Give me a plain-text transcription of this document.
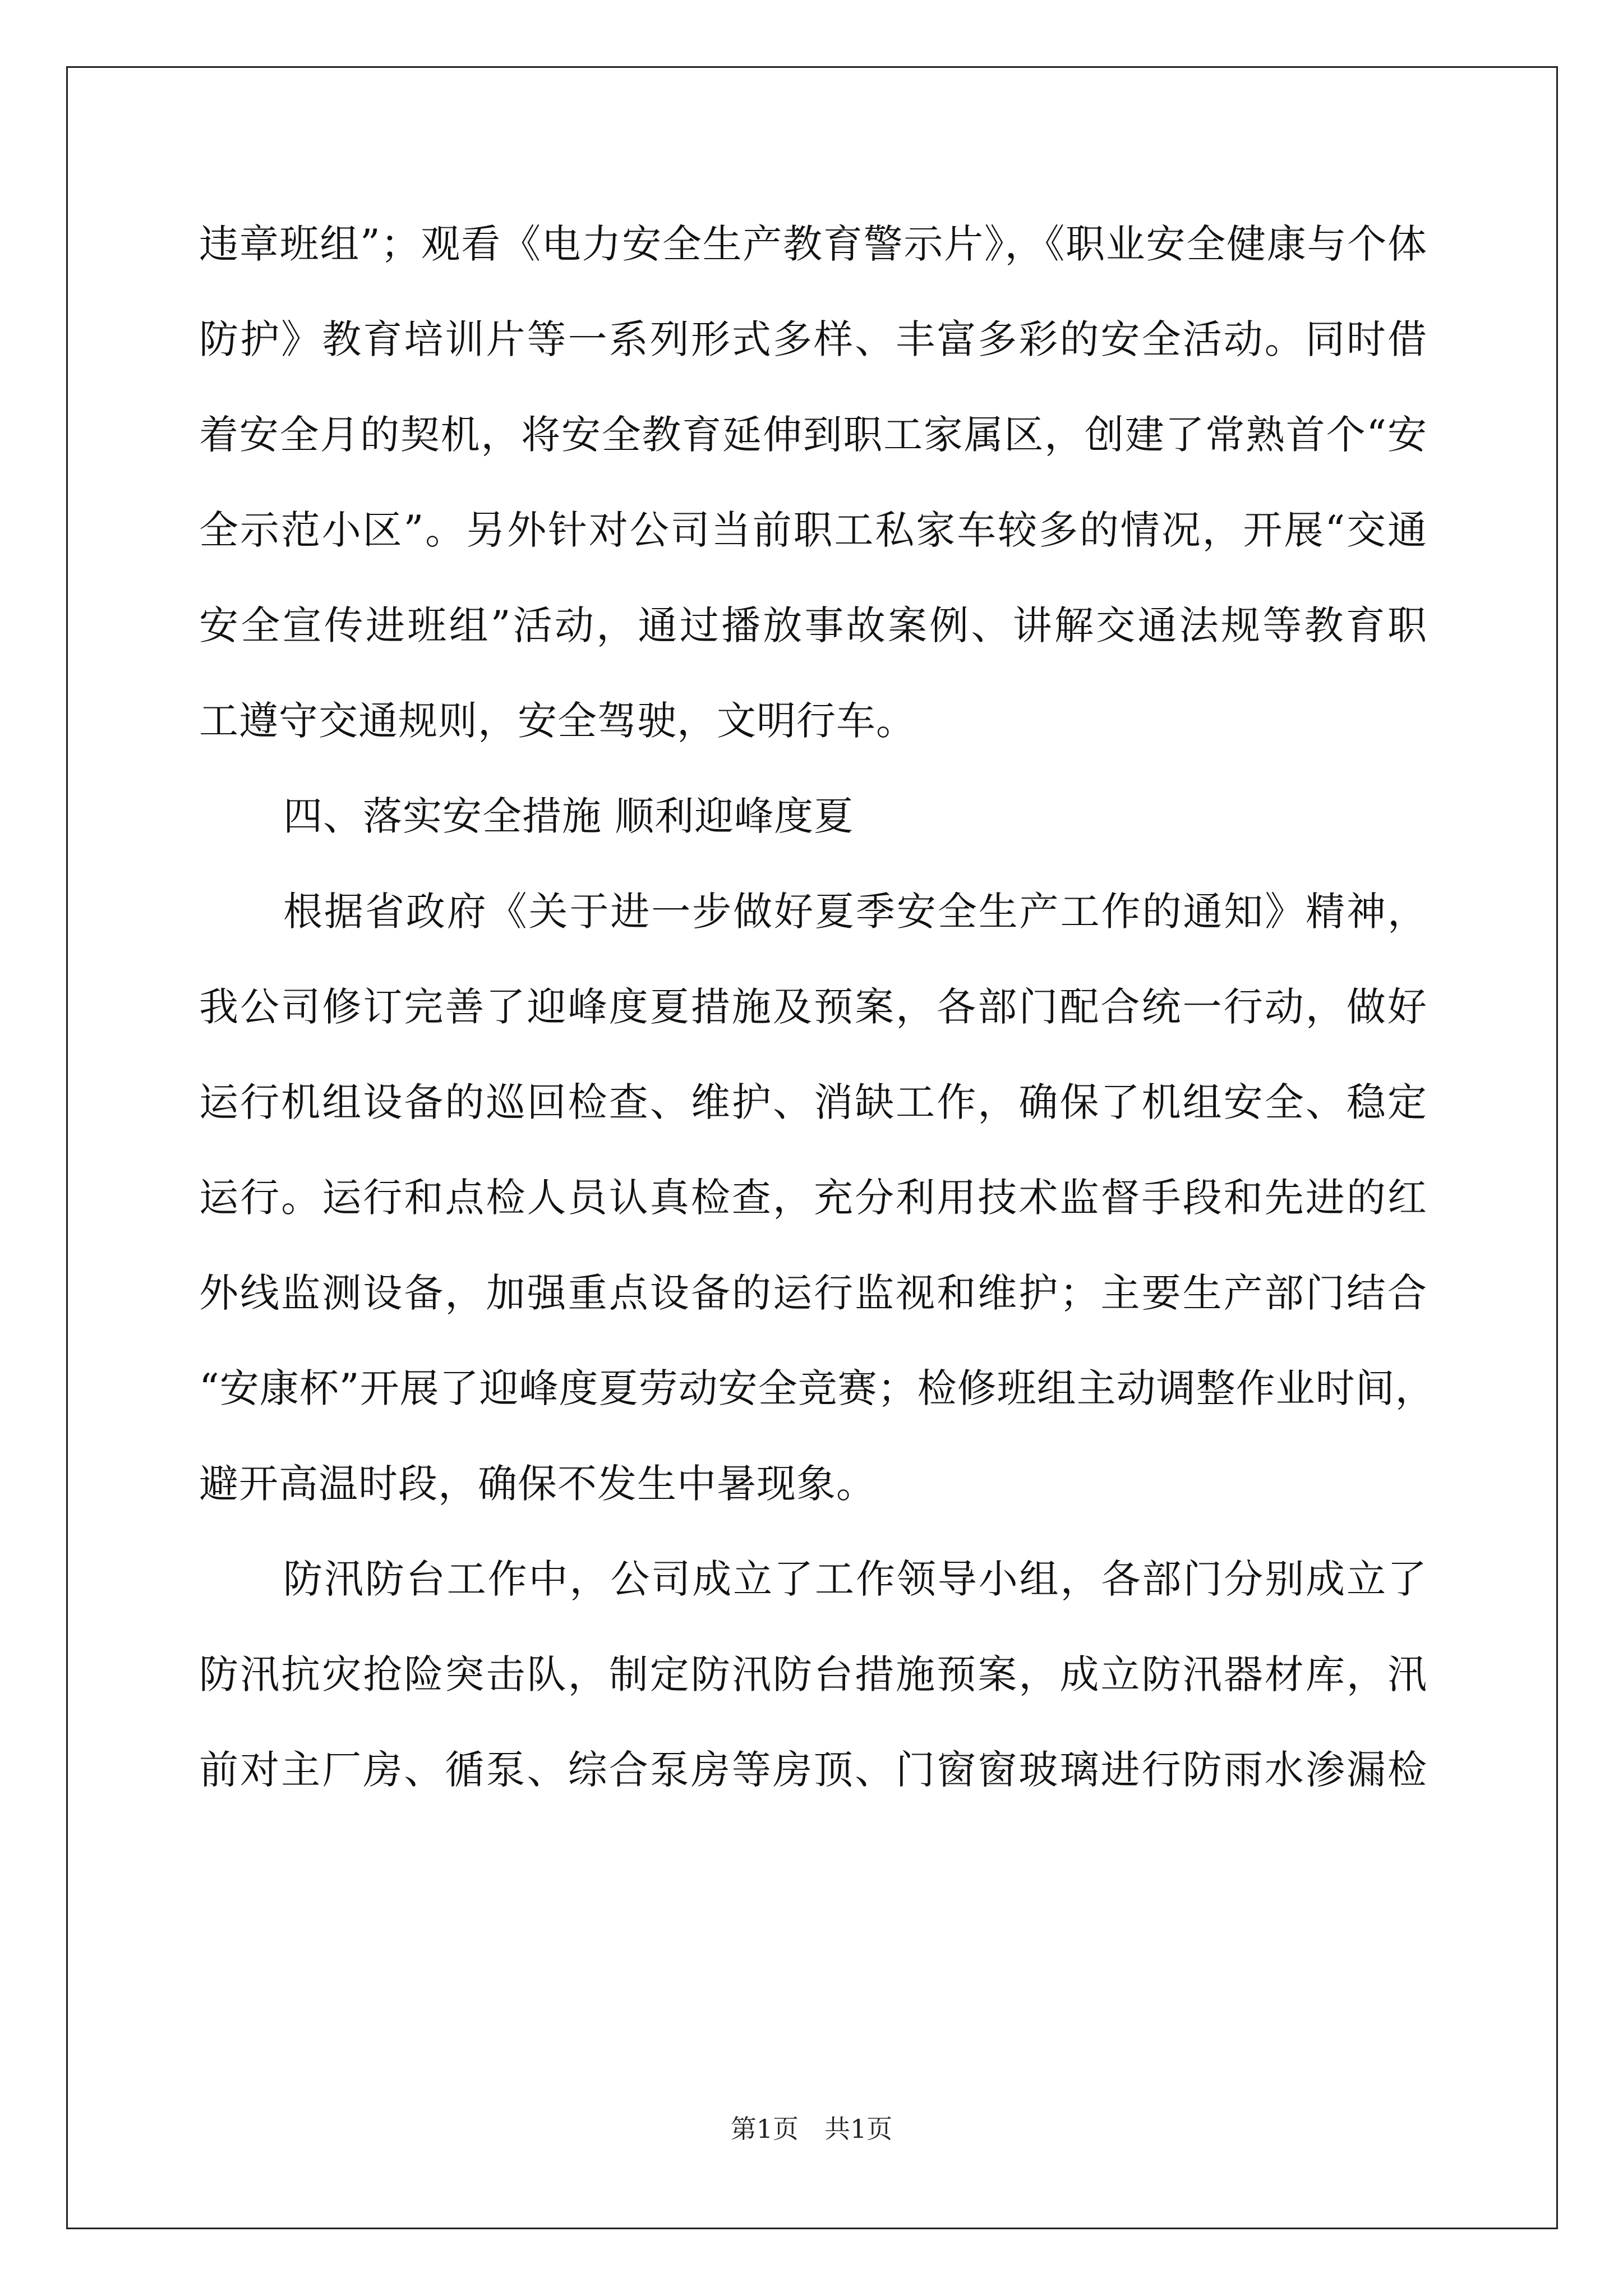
违章班组”；观看《电力安全生产教育警示片》，《职业安全健康与个体
防护》教育培训片等一系列形式多样、丰富多彩的安全活动。同时借
着安全月的契机，将安全教育延伸到职工家属区，创建了常熟首个“安
全示范小区”。另外针对公司当前职工私家车较多的情况，开展“交通
安全宣传进班组”活动，通过播放事故案例、讲解交通法规等教育职
工遵守交通规则，安全驾驶，文明行车。
四、落实安全措施 顺利迎峰度夏
根据省政府《关于进一步做好夏季安全生产工作的通知》精神，
我公司修订完善了迎峰度夏措施及预案，各部门配合统一行动，做好
运行机组设备的巡回检查、维护、消缺工作，确保了机组安全、稳定
运行。运行和点检人员认真检查，充分利用技术监督手段和先进的红
外线监测设备，加强重点设备的运行监视和维护；主要生产部门结合
“安康杯”开展了迎峰度夏劳动安全竞赛；检修班组主动调整作业时间，
避开高温时段，确保不发生中暑现象。
防汛防台工作中，公司成立了工作领导小组，各部门分别成立了
防汛抗灾抢险突击队，制定防汛防台措施预案，成立防汛器材库，汛
前对主厂房、循泵、综合泵房等房顶、门窗窗玻璃进行防雨水渗漏检
第1页　共1页
